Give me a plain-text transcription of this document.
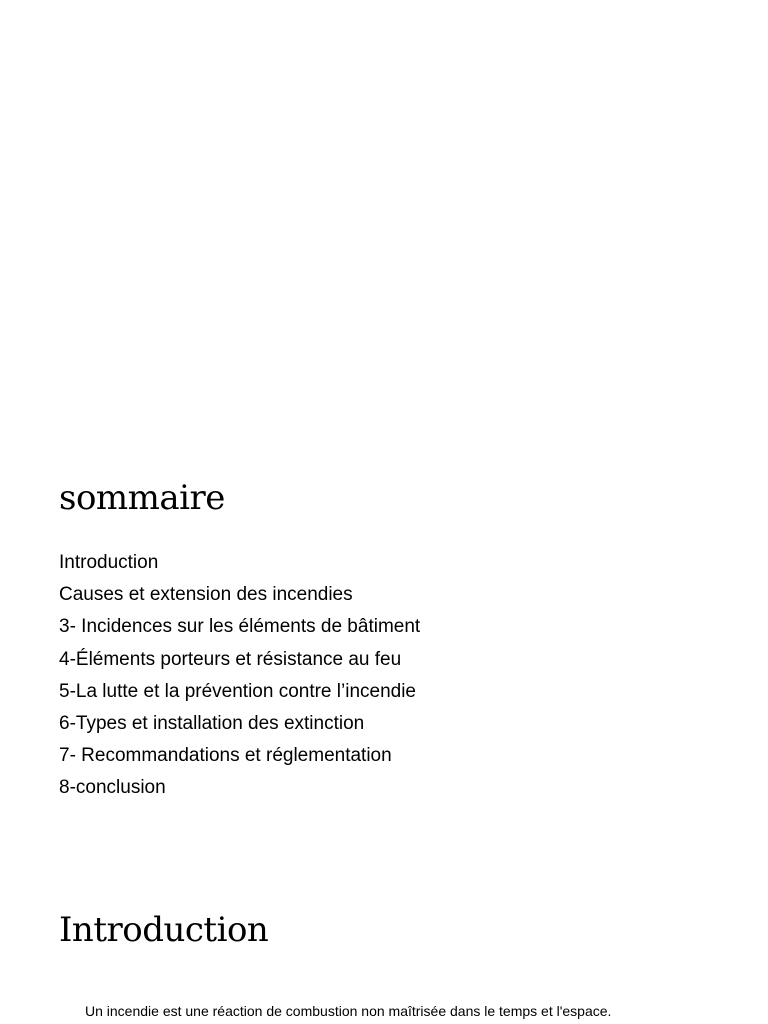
sommaire
Introduction
Causes et extension des incendies
3- Incidences sur les éléments de bâtiment
4-Éléments porteurs et résistance au feu
5-La lutte et la prévention contre l’incendie
6-Types et installation des extinction
7- Recommandations et réglementation
8-conclusion
Introduction

Un incendie est une réaction de combustion non maîtrisée dans le temps et l'espace.
